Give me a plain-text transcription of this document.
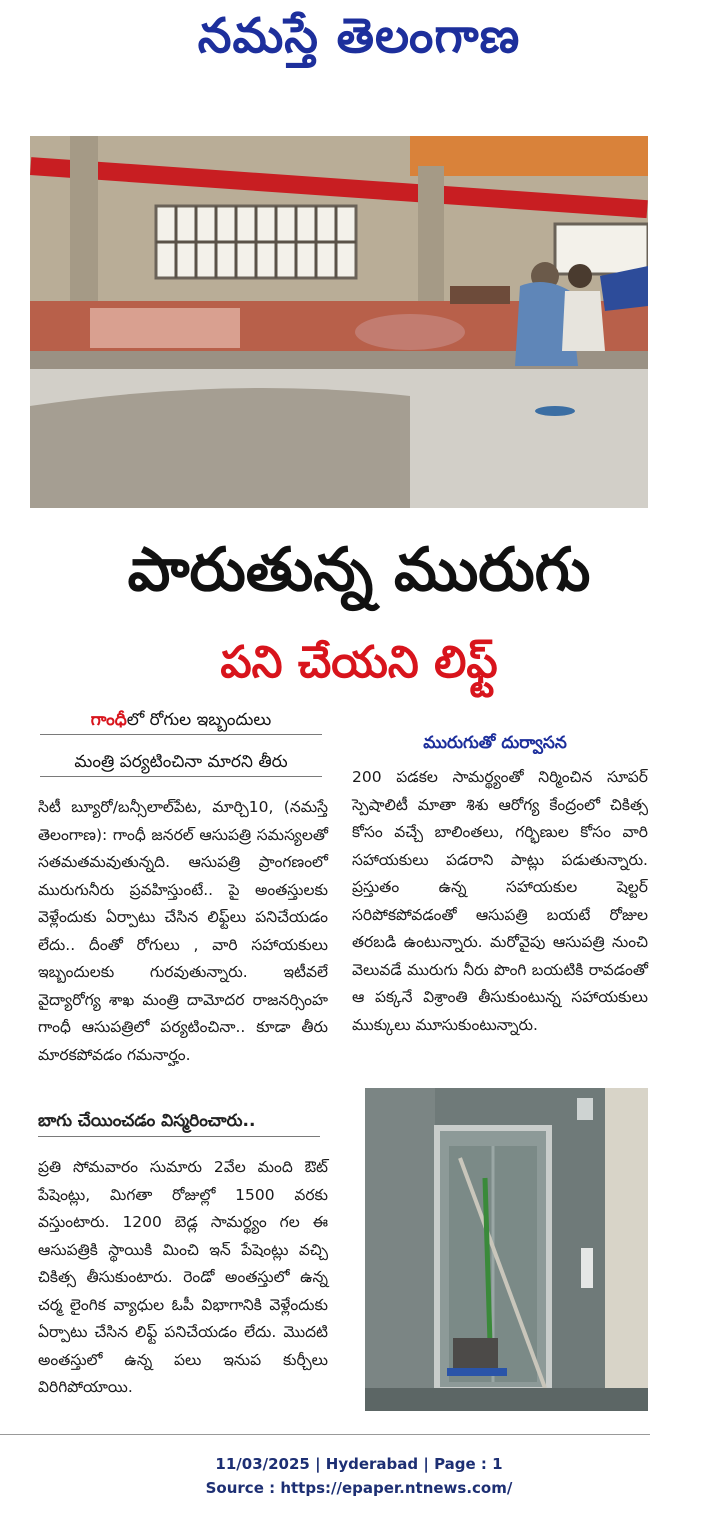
నమస్తే తెలంగాణ
పారుతున్న మురుగు
పని చేయని లిఫ్ట్
గాంధీలో రోగుల ఇబ్బందులు
మంత్రి పర్యటించినా మారని తీరు
సిటీ బ్యూరో/బన్సీలాల్‌పేట, మార్చి10, (నమస్తే తెలంగాణ): గాంధీ జనరల్ ఆసుపత్రి సమస్యలతో సతమతమవుతున్నది. ఆసుపత్రి ప్రాంగణంలో మురుగునీరు ప్రవహిస్తుంటే.. పై అంతస్తులకు వెళ్లేందుకు ఏర్పాటు చేసిన లిఫ్ట్‌లు పనిచేయడం లేదు.. దీంతో రోగులు , వారి సహాయకులు ఇబ్బందులకు గురవుతున్నారు. ఇటీవలే వైద్యారోగ్య శాఖ మంత్రి దామోదర రాజనర్సింహ గాంధీ ఆసుపత్రిలో పర్యటించినా.. కూడా తీరు మారకపోవడం గమనార్హం.
బాగు చేయించడం విస్మరించారు..
ప్రతి సోమవారం సుమారు 2వేల మంది ఔట్ పేషెంట్లు, మిగతా రోజుల్లో 1500 వరకు వస్తుంటారు. 1200 బెడ్ల సామర్థ్యం గల ఈ ఆసుపత్రికి స్థాయికి మించి ఇన్ పేషెంట్లు వచ్చి చికిత్స తీసుకుంటారు. రెండో అంతస్తులో ఉన్న చర్మ లైంగిక వ్యాధుల ఓపీ విభాగానికి వెళ్లేందుకు ఏర్పాటు చేసిన లిఫ్ట్ పనిచేయడం లేదు. మొదటి అంతస్తులో ఉన్న పలు ఇనుప కుర్చీలు విరిగిపోయాయి.
మురుగుతో దుర్వాసన
200 పడకల సామర్థ్యంతో నిర్మించిన సూపర్ స్పెషాలిటీ మాతా శిశు ఆరోగ్య కేంద్రంలో చికిత్స కోసం వచ్చే బాలింతలు, గర్భిణుల కోసం వారి సహాయకులు పడరాని పాట్లు పడుతున్నారు. ప్రస్తుతం ఉన్న సహాయకుల షెల్టర్ సరిపోకపోవడంతో ఆసుపత్రి బయటే రోజుల తరబడి ఉంటున్నారు. మరోవైపు ఆసుపత్రి నుంచి వెలువడే మురుగు నీరు పొంగి బయటికి రావడంతో ఆ పక్కనే విశ్రాంతి తీసుకుంటున్న సహాయకులు ముక్కులు మూసుకుంటున్నారు.
11/03/2025 | Hyderabad | Page : 1
Source : https://epaper.ntnews.com/
